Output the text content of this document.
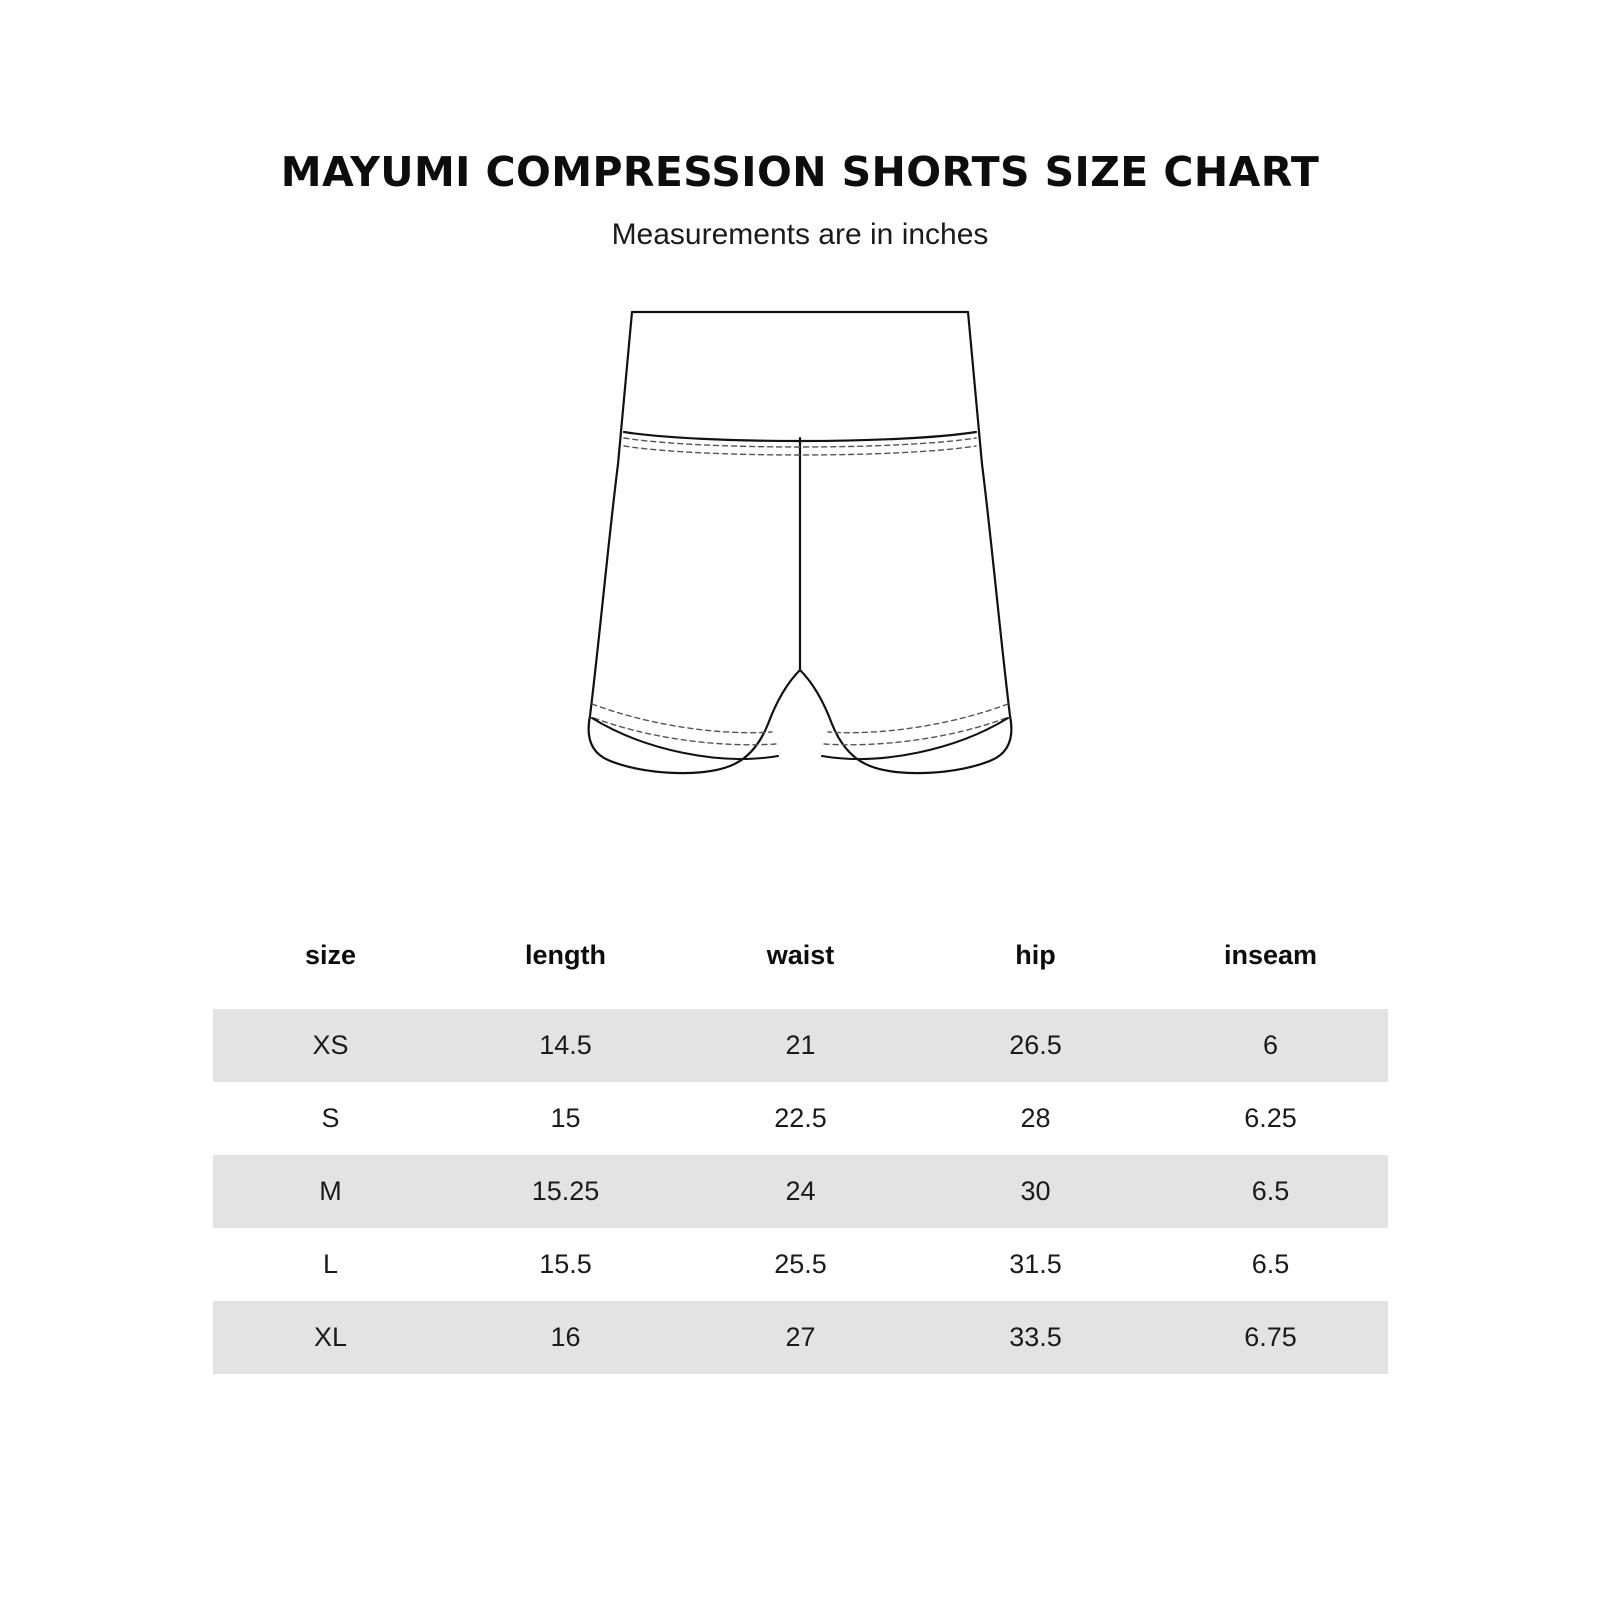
MAYUMI COMPRESSION SHORTS SIZE CHART

Measurements are in inches

size	length	waist	hip	inseam
XS	14.5	21	26.5	6
S	15	22.5	28	6.25
M	15.25	24	30	6.5
L	15.5	25.5	31.5	6.5
XL	16	27	33.5	6.75
